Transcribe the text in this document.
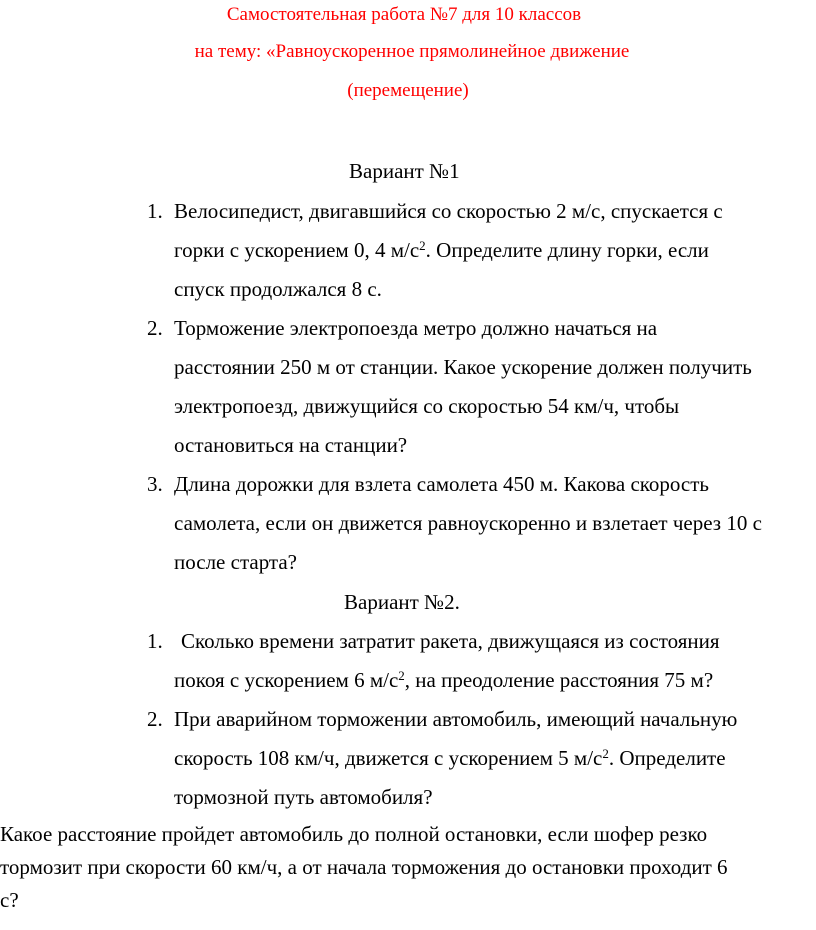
Самостоятельная работа №7 для 10 классов
на тему: «Равноускоренное прямолинейное движение
(перемещение)
Вариант №1
1. Велосипедист, двигавшийся со скоростью 2 м/с, спускается с
горки с ускорением 0, 4 $м/с^2$. Определите длину горки, если
спуск продолжался 8 с.
2. Торможение электропоезда метро должно начаться на
расстоянии 250 м от станции. Какое ускорение должен получить
электропоезд, движущийся со скоростью 54 км/ч, чтобы
остановиться на станции?
3. Длина дорожки для взлета самолета 450 м. Какова скорость
самолета, если он движется равноускоренно и взлетает через 10 с
после старта?
Вариант №2.
1. Сколько времени затратит ракета, движущаяся из состояния
покоя с ускорением 6 $м/с^2$, на преодоление расстояния 75 м?
2. При аварийном торможении автомобиль, имеющий начальную
скорость 108 км/ч, движется с ускорением 5 $м/с^2$. Определите
тормозной путь автомобиля?
Какое расстояние пройдет автомобиль до полной остановки, если шофер резко
тормозит при скорости 60 км/ч, а от начала торможения до остановки проходит 6
с?
